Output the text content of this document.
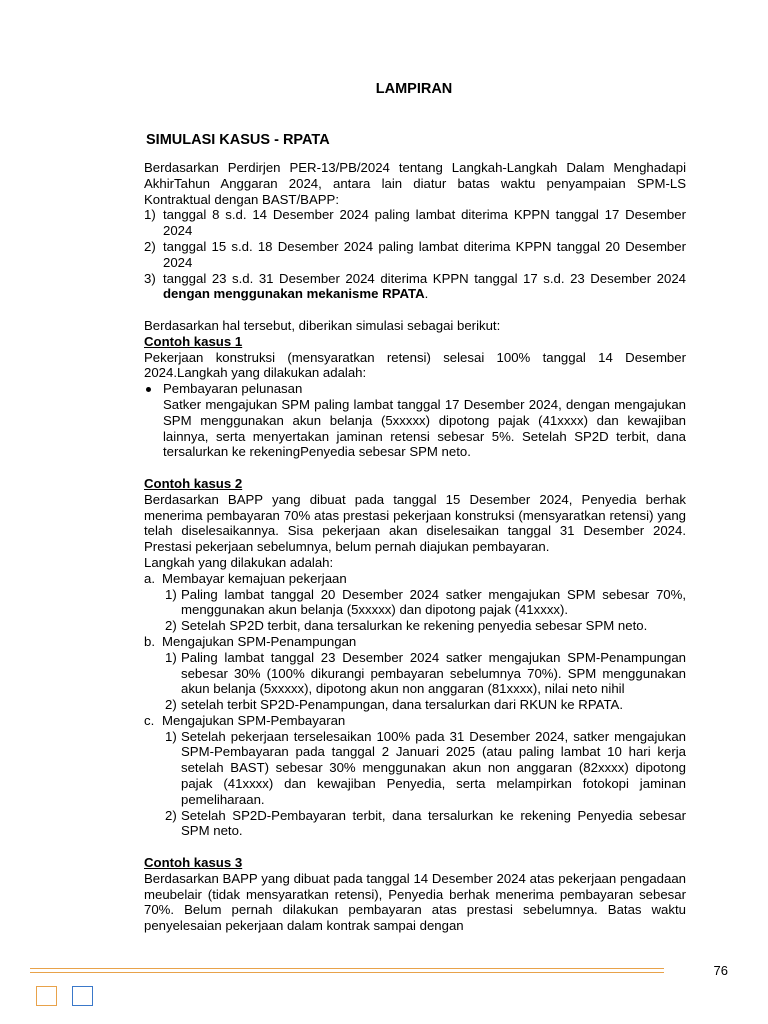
LAMPIRAN
SIMULASI KASUS - RPATA

Berdasarkan Perdirjen PER-13/PB/2024 tentang Langkah-Langkah Dalam Menghadapi AkhirTahun Anggaran 2024, antara lain diatur batas waktu penyampaian SPM-LS Kontraktual dengan BAST/BAPP:

1) tanggal 8 s.d. 14 Desember 2024 paling lambat diterima KPPN tanggal 17 Desember 2024

2) tanggal 15 s.d. 18 Desember 2024 paling lambat diterima KPPN tanggal 20 Desember 2024

3) tanggal 23 s.d. 31 Desember 2024 diterima KPPN tanggal 17 s.d. 23 Desember 2024 dengan menggunakan mekanisme RPATA.

Berdasarkan hal tersebut, diberikan simulasi sebagai berikut:

Contoh kasus 1

Pekerjaan konstruksi (mensyaratkan retensi) selesai 100% tanggal 14 Desember 2024.Langkah yang dilakukan adalah:

Pembayaran pelunasan

Satker mengajukan SPM paling lambat tanggal 17 Desember 2024, dengan mengajukan SPM menggunakan akun belanja (5xxxxx) dipotong pajak (41xxxx) dan kewajiban lainnya, serta menyertakan jaminan retensi sebesar 5%. Setelah SP2D terbit, dana tersalurkan ke rekeningPenyedia sebesar SPM neto.

Contoh kasus 2

Berdasarkan BAPP yang dibuat pada tanggal 15 Desember 2024, Penyedia berhak menerima pembayaran 70% atas prestasi pekerjaan konstruksi (mensyaratkan retensi) yang telah diselesaikannya. Sisa pekerjaan akan diselesaikan tanggal 31 Desember 2024. Prestasi pekerjaan sebelumnya, belum pernah diajukan pembayaran.

Langkah yang dilakukan adalah:

a. Membayar kemajuan pekerjaan

1) Paling lambat tanggal 20 Desember 2024 satker mengajukan SPM sebesar 70%, menggunakan akun belanja (5xxxxx) dan dipotong pajak (41xxxx).

2) Setelah SP2D terbit, dana tersalurkan ke rekening penyedia sebesar SPM neto.

b. Mengajukan SPM-Penampungan

1) Paling lambat tanggal 23 Desember 2024 satker mengajukan SPM-Penampungan sebesar 30% (100% dikurangi pembayaran sebelumnya 70%). SPM menggunakan akun belanja (5xxxxx), dipotong akun non anggaran (81xxxx), nilai neto nihil

2) setelah terbit SP2D-Penampungan, dana tersalurkan dari RKUN ke RPATA.

c. Mengajukan SPM-Pembayaran

1) Setelah pekerjaan terselesaikan 100% pada 31 Desember 2024, satker mengajukan SPM-Pembayaran pada tanggal 2 Januari 2025 (atau paling lambat 10 hari kerja setelah BAST) sebesar 30% menggunakan akun non anggaran (82xxxx) dipotong pajak (41xxxx) dan kewajiban Penyedia, serta melampirkan fotokopi jaminan pemeliharaan.

2) Setelah SP2D-Pembayaran terbit, dana tersalurkan ke rekening Penyedia sebesar SPM neto.

Contoh kasus 3

Berdasarkan BAPP yang dibuat pada tanggal 14 Desember 2024 atas pekerjaan pengadaan meubelair (tidak mensyaratkan retensi), Penyedia berhak menerima pembayaran sebesar 70%. Belum pernah dilakukan pembayaran atas prestasi sebelumnya. Batas waktu penyelesaian pekerjaan dalam kontrak sampai dengan

76
